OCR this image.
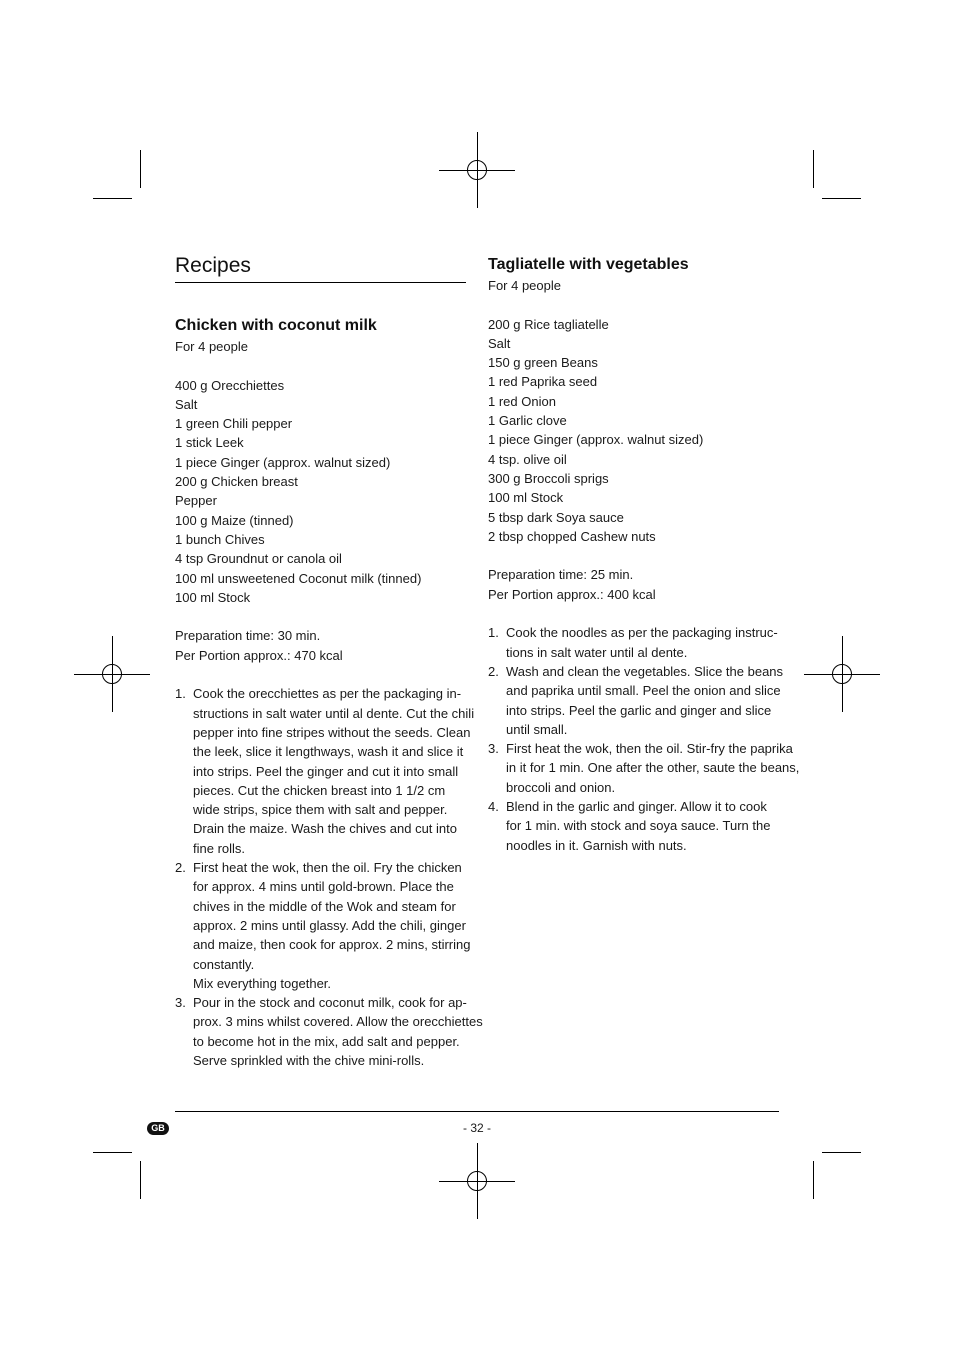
Recipes
Chicken with coconut milk
For 4 people
400 g Orecchiettes
Salt
1 green Chili pepper
1 stick Leek
1 piece Ginger (approx. walnut sized)
200 g Chicken breast
Pepper
100 g Maize (tinned)
1 bunch Chives
4 tsp Groundnut or canola oil
100 ml unsweetened Coconut milk (tinned)
100 ml Stock
Preparation time: 30 min.
Per Portion approx.: 470 kcal
1. Cook the orecchiettes as per the packaging in-
structions in salt water until al dente. Cut the chili
pepper into fine stripes without the seeds. Clean
the leek, slice it lengthways, wash it and slice it
into strips. Peel the ginger and cut it into small
pieces. Cut the chicken breast into 1 1/2 cm
wide strips, spice them with salt and pepper.
Drain the maize. Wash the chives and cut into
fine rolls.
2. First heat the wok, then the oil. Fry the chicken
for approx. 4 mins until gold-brown. Place the
chives in the middle of the Wok and steam for
approx. 2 mins until glassy. Add the chili, ginger
and maize, then cook for approx. 2 mins, stirring
constantly.
Mix everything together.
3. Pour in the stock and coconut milk, cook for ap-
prox. 3 mins whilst covered. Allow the orecchiettes
to become hot in the mix, add salt and pepper.
Serve sprinkled with the chive mini-rolls.
Tagliatelle with vegetables
For 4 people
200 g Rice tagliatelle
Salt
150 g green Beans
1 red Paprika seed
1 red Onion
1 Garlic clove
1 piece Ginger (approx. walnut sized)
4 tsp. olive oil
300 g Broccoli sprigs
100 ml Stock
5 tbsp dark Soya sauce
2 tbsp chopped Cashew nuts
Preparation time: 25 min.
Per Portion approx.: 400 kcal
1. Cook the noodles as per the packaging instruc-
tions in salt water until al dente.
2. Wash and clean the vegetables. Slice the beans
and paprika until small. Peel the onion and slice
into strips. Peel the garlic and ginger and slice
until small.
3. First heat the wok, then the oil. Stir-fry the paprika
in it for 1 min. One after the other, saute the beans,
broccoli and onion.
4. Blend in the garlic and ginger. Allow it to cook
for 1 min. with stock and soya sauce. Turn the
noodles in it. Garnish with nuts.
GB	- 32 -
